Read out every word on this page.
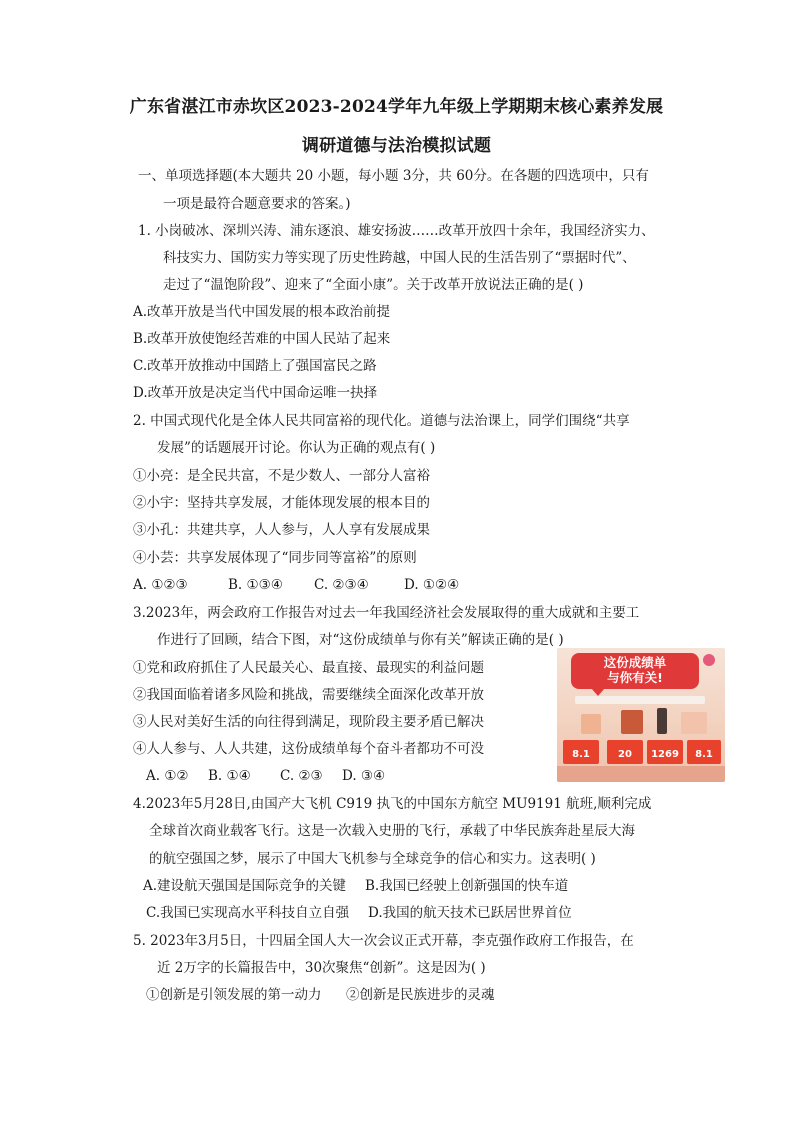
广东省湛江市赤坎区2023-2024学年九年级上学期期末核心素养发展
调研道德与法治模拟试题
一、单项选择题(本大题共 20 小题，每小题 3分，共 60分。在各题的四选项中，只有
一项是最符合题意要求的答案。)
1. 小岗破冰、深圳兴涛、浦东逐浪、雄安扬波……改革开放四十余年，我国经济实力、
科技实力、国防实力等实现了历史性跨越，中国人民的生活告别了“票据时代”、
走过了“温饱阶段”、迎来了“全面小康”。关于改革开放说法正确的是( )
A.改革开放是当代中国发展的根本政治前提
B.改革开放使饱经苦难的中国人民站了起来
C.改革开放推动中国踏上了强国富民之路
D.改革开放是决定当代中国命运唯一抉择
2. 中国式现代化是全体人民共同富裕的现代化。道德与法治课上，同学们围绕“共享
发展”的话题展开讨论。你认为正确的观点有( )
①小亮：是全民共富，不是少数人、一部分人富裕
②小宇：坚持共享发展，才能体现发展的根本目的
③小孔：共建共享，人人参与，人人享有发展成果
④小芸：共享发展体现了“同步同等富裕”的原则
A. ①②③	B. ①③④ C. ②③④	D. ①②④
3.2023年，两会政府工作报告对过去一年我国经济社会发展取得的重大成就和主要工
作进行了回顾，结合下图，对“这份成绩单与你有关”解读正确的是( )
①党和政府抓住了人民最关心、最直接、最现实的利益问题
②我国面临着诸多风险和挑战，需要继续全面深化改革开放
③人民对美好生活的向往得到满足，现阶段主要矛盾已解决
④人人参与、人人共建，这份成绩单每个奋斗者都功不可没
A. ①② B. ①④ C. ②③ D. ③④
这份成绩单
与你有关!
8.1	20	1269	8.1
4.2023年5月28日,由国产大飞机 C919 执飞的中国东方航空 MU9191 航班,顺利完成
全球首次商业载客飞行。这是一次载入史册的飞行，承载了中华民族奔赴星辰大海
的航空强国之梦，展示了中国大飞机参与全球竞争的信心和实力。这表明( )
A.建设航天强国是国际竞争的关键 B.我国已经驶上创新强国的快车道
C.我国已实现高水平科技自立自强 D.我国的航天技术已跃居世界首位
5. 2023年3月5日，十四届全国人大一次会议正式开幕，李克强作政府工作报告，在
近 2万字的长篇报告中，30次聚焦“创新”。这是因为( )
①创新是引领发展的第一动力 ②创新是民族进步的灵魂
